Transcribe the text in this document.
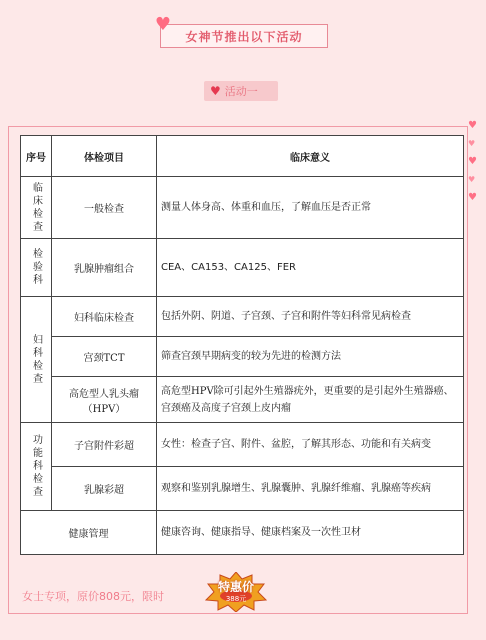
♥
女神节推出以下活动
♥ 活动一
♥
♥
♥
♥
♥
序号	体检项目	临床意义

临床检查	一般检查	测量人体身高、体重和血压，了解血压是否正常

检验科	乳腺肿瘤组合	CEA、CA153、CA125、FER

妇科检查	妇科临床检查	包括外阴、阴道、子宫颈、子宫和附件等妇科常见病检查
	宫颈TCT	筛查宫颈早期病变的较为先进的检测方法
	高危型人乳头瘤（HPV）	高危型HPV除可引起外生殖器疣外，更重要的是引起外生殖器癌、宫颈癌及高度子宫颈上皮内瘤

功能科检查	子宫附件彩超	女性：检查子宫、附件、盆腔，了解其形态、功能和有关病变
	乳腺彩超	观察和鉴别乳腺增生、乳腺囊肿、乳腺纤维瘤、乳腺癌等疾病
健康管理		健康咨询、健康指导、健康档案及一次性卫材
女士专项，原价808元，限时
特惠价
388元
